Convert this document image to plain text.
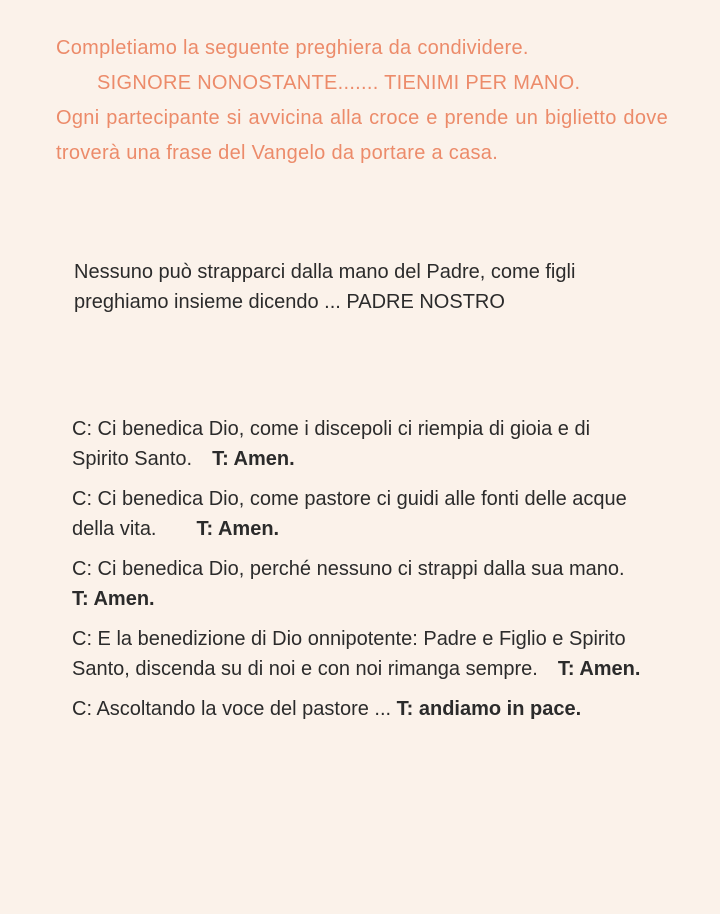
Completiamo la seguente preghiera da condividere.
SIGNORE NONOSTANTE....... TIENIMI PER MANO.
Ogni partecipante si avvicina alla croce e prende un biglietto dove troverà una frase del Vangelo da portare a casa.
Nessuno può strapparci dalla mano del Padre, come figli preghiamo insieme dicendo ... PADRE NOSTRO

C: Ci benedica Dio, come i discepoli ci riempia di gioia e di Spirito Santo. T: Amen.

C: Ci benedica Dio, come pastore ci guidi alle fonti delle acque della vita. T: Amen.

C: Ci benedica Dio, perché nessuno ci strappi dalla sua mano.
T: Amen.

C: E la benedizione di Dio onnipotente: Padre e Figlio e Spirito Santo, discenda su di noi e con noi rimanga sempre. T: Amen.

C: Ascoltando la voce del pastore ... T: andiamo in pace.
